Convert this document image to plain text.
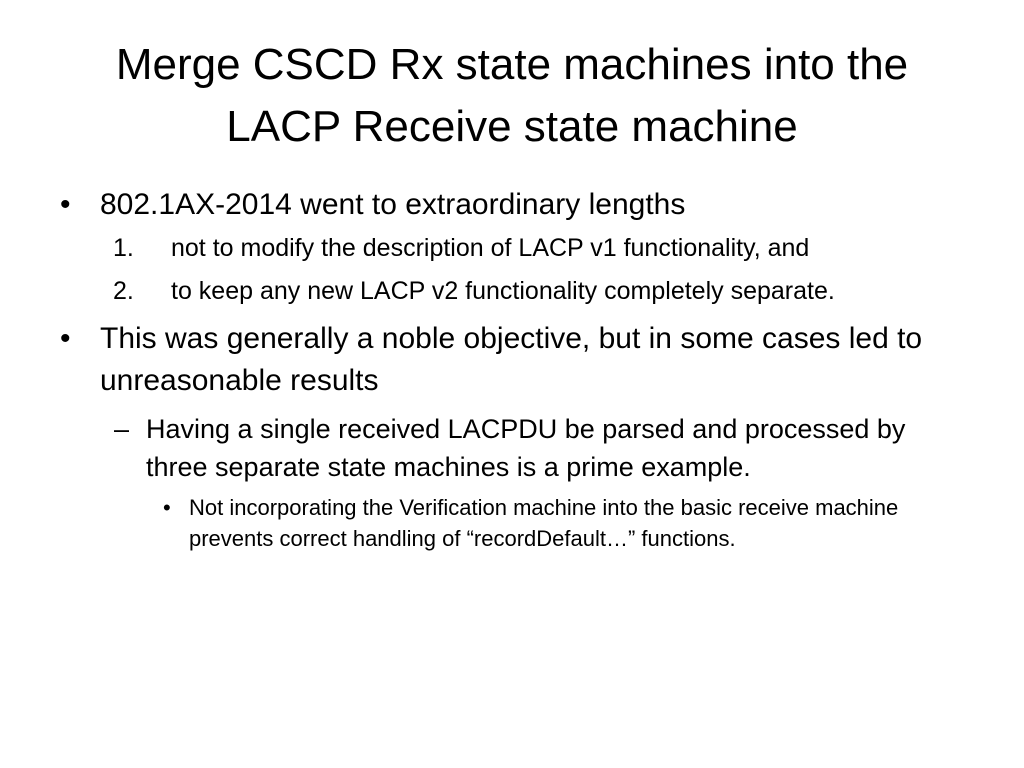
Merge CSCD Rx state machines into the LACP Receive state machine

• 802.1AX-2014 went to extraordinary lengths

1. not to modify the description of LACP v1 functionality, and

2. to keep any new LACP v2 functionality completely separate.

• This was generally a noble objective, but in some cases led to unreasonable results

– Having a single received LACPDU be parsed and processed by three separate state machines is a prime example.

• Not incorporating the Verification machine into the basic receive machine prevents correct handling of “recordDefault…” functions.
